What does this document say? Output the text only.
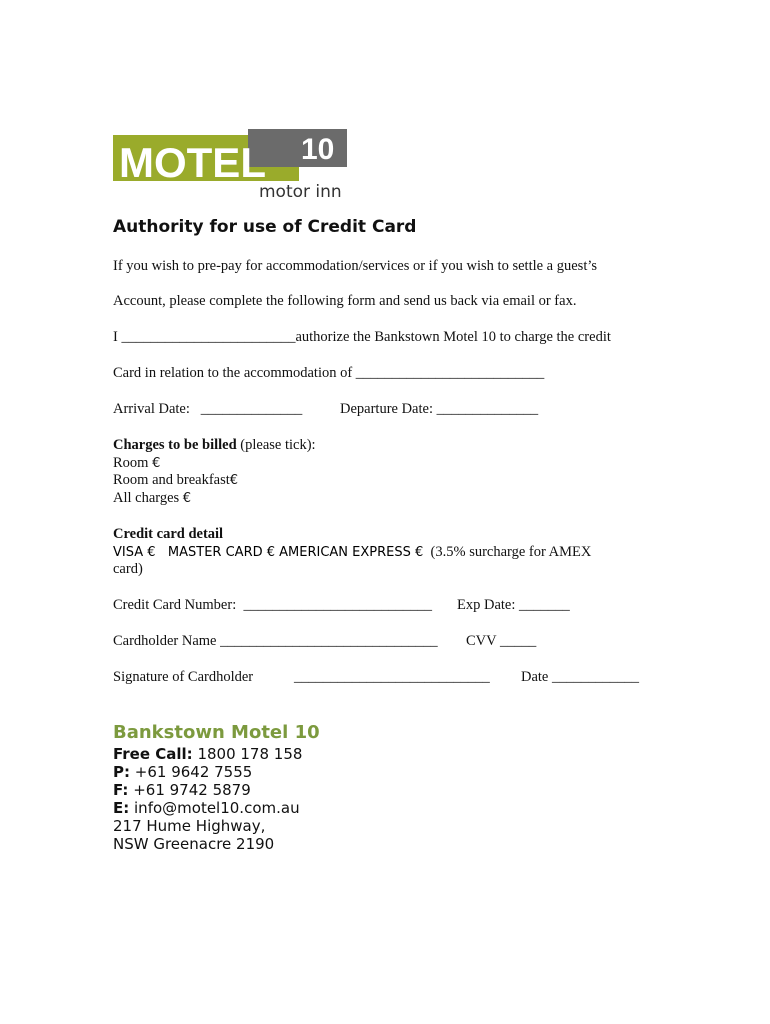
MOTEL 10
motor inn
Authority for use of Credit Card
If you wish to pre-pay for accommodation/services or if you wish to settle a guest’s
Account, please complete the following form and send us back via email or fax.
I ________________________authorize the Bankstown Motel 10 to charge the credit
Card in relation to the accommodation of __________________________
Arrival Date:   ______________	Departure Date: ______________
Charges to be billed (please tick):
Room €
Room and breakfast€
All charges €
Credit card detail
VISA €   MASTER CARD € AMERICAN EXPRESS €  (3.5% surcharge for AMEX
card)
Credit Card Number:  __________________________ Exp Date: _______
Cardholder Name ______________________________ CVV _____
Signature of Cardholder	___________________________ Date ____________
Bankstown Motel 10
Free Call: 1800 178 158
P: +61 9642 7555
F: +61 9742 5879
E: info@motel10.com.au
217 Hume Highway,
NSW Greenacre 2190
